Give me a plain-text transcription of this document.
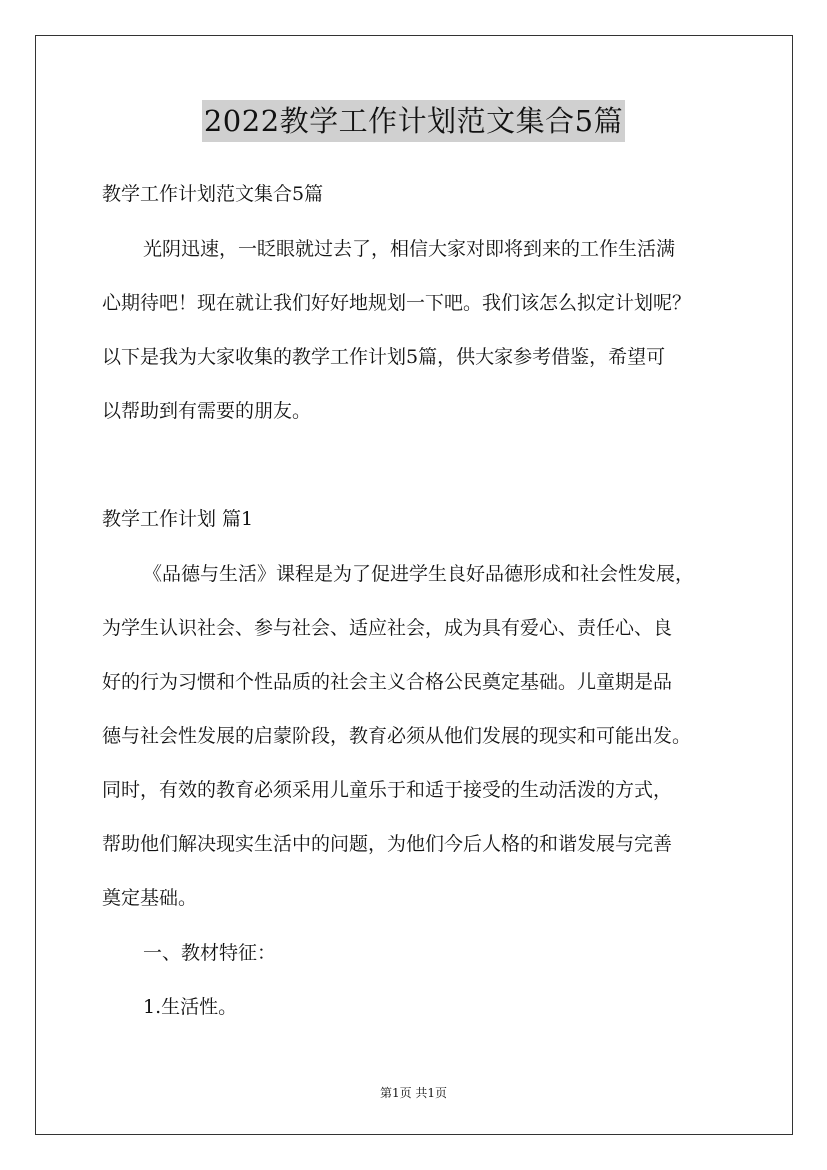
2022教学工作计划范文集合5篇
教学工作计划范文集合5篇
光阴迅速，一眨眼就过去了，相信大家对即将到来的工作生活满
心期待吧！现在就让我们好好地规划一下吧。我们该怎么拟定计划呢？
以下是我为大家收集的教学工作计划5篇，供大家参考借鉴，希望可
以帮助到有需要的朋友。
教学工作计划 篇1
《品德与生活》课程是为了促进学生良好品德形成和社会性发展，
为学生认识社会、参与社会、适应社会，成为具有爱心、责任心、良
好的行为习惯和个性品质的社会主义合格公民奠定基础。儿童期是品
德与社会性发展的启蒙阶段，教育必须从他们发展的现实和可能出发。
同时，有效的教育必须采用儿童乐于和适于接受的生动活泼的方式，
帮助他们解决现实生活中的问题，为他们今后人格的和谐发展与完善
奠定基础。
一、教材特征：
1.生活性。
第1页 共1页
